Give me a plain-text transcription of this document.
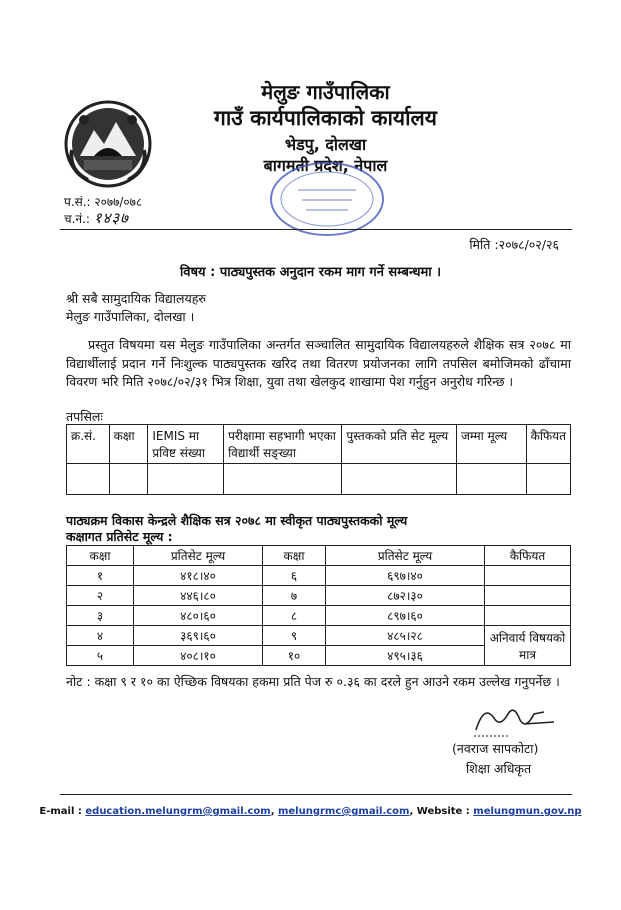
मेलुङ गाउँपालिका
गाउँ कार्यपालिकाको कार्यालय
भेडपु, दोलखा
बागमती प्रदेश, नेपाल
प.सं.: २०७७/०७८
च.नं.: १४३७
मिति :२०७८/०२/२६
विषय : पाठ्यपुस्तक अनुदान रकम माग गर्ने सम्बन्धमा ।
श्री सबै सामुदायिक विद्यालयहरु
मेलुङ गाउँपालिका, दोलखा ।
प्रस्तुत विषयमा यस मेलुङ गाउँपालिका अन्तर्गत सञ्चालित सामुदायिक विद्यालयहरुले शैक्षिक सत्र २०७८ मा विद्यार्थीलाई प्रदान गर्ने निःशुल्क पाठ्यपुस्तक खरिद तथा वितरण प्रयोजनका लागि तपसिल बमोजिमको ढाँचामा विवरण भरि मिति २०७८/०२/३१ भित्र शिक्षा, युवा तथा खेलकुद शाखामा पेश गर्नुहुन अनुरोध गरिन्छ ।
तपसिलः
क्र.सं.	कक्षा	IEMIS मा प्रविष्ट संख्या	परीक्षामा सहभागी भएका विद्यार्थी सङ्ख्या	पुस्तकको प्रति सेट मूल्य	जम्मा मूल्य	कैफियत

पाठ्यक्रम विकास केन्द्रले शैक्षिक सत्र २०७८ मा स्वीकृत पाठ्यपुस्तकको मूल्य
कक्षागत प्रतिसेट मूल्य :
कक्षा	प्रतिसेट मूल्य	कक्षा	प्रतिसेट मूल्य	कैफियत
१	४१८।४०	६	६९७।४०	
२	४४६।८०	७	८७२।३०	
३	४८०।६०	८	८९७।६०	
४	३६९।६०	९	४८५।२८	अनिवार्य विषयको मात्र
५	४०८।१०	१०	४९५।३६	
नोट : कक्षा ९ र १० का ऐच्छिक विषयका हकमा प्रति पेज रु ०.३६ का दरले हुन आउने रकम उल्लेख गनुपर्नेछ ।
(नवराज सापकोटा)
शिक्षा अधिकृत
E-mail : education.melungrm@gmail.com, melungrmc@gmail.com, Website : melungmun.gov.np
